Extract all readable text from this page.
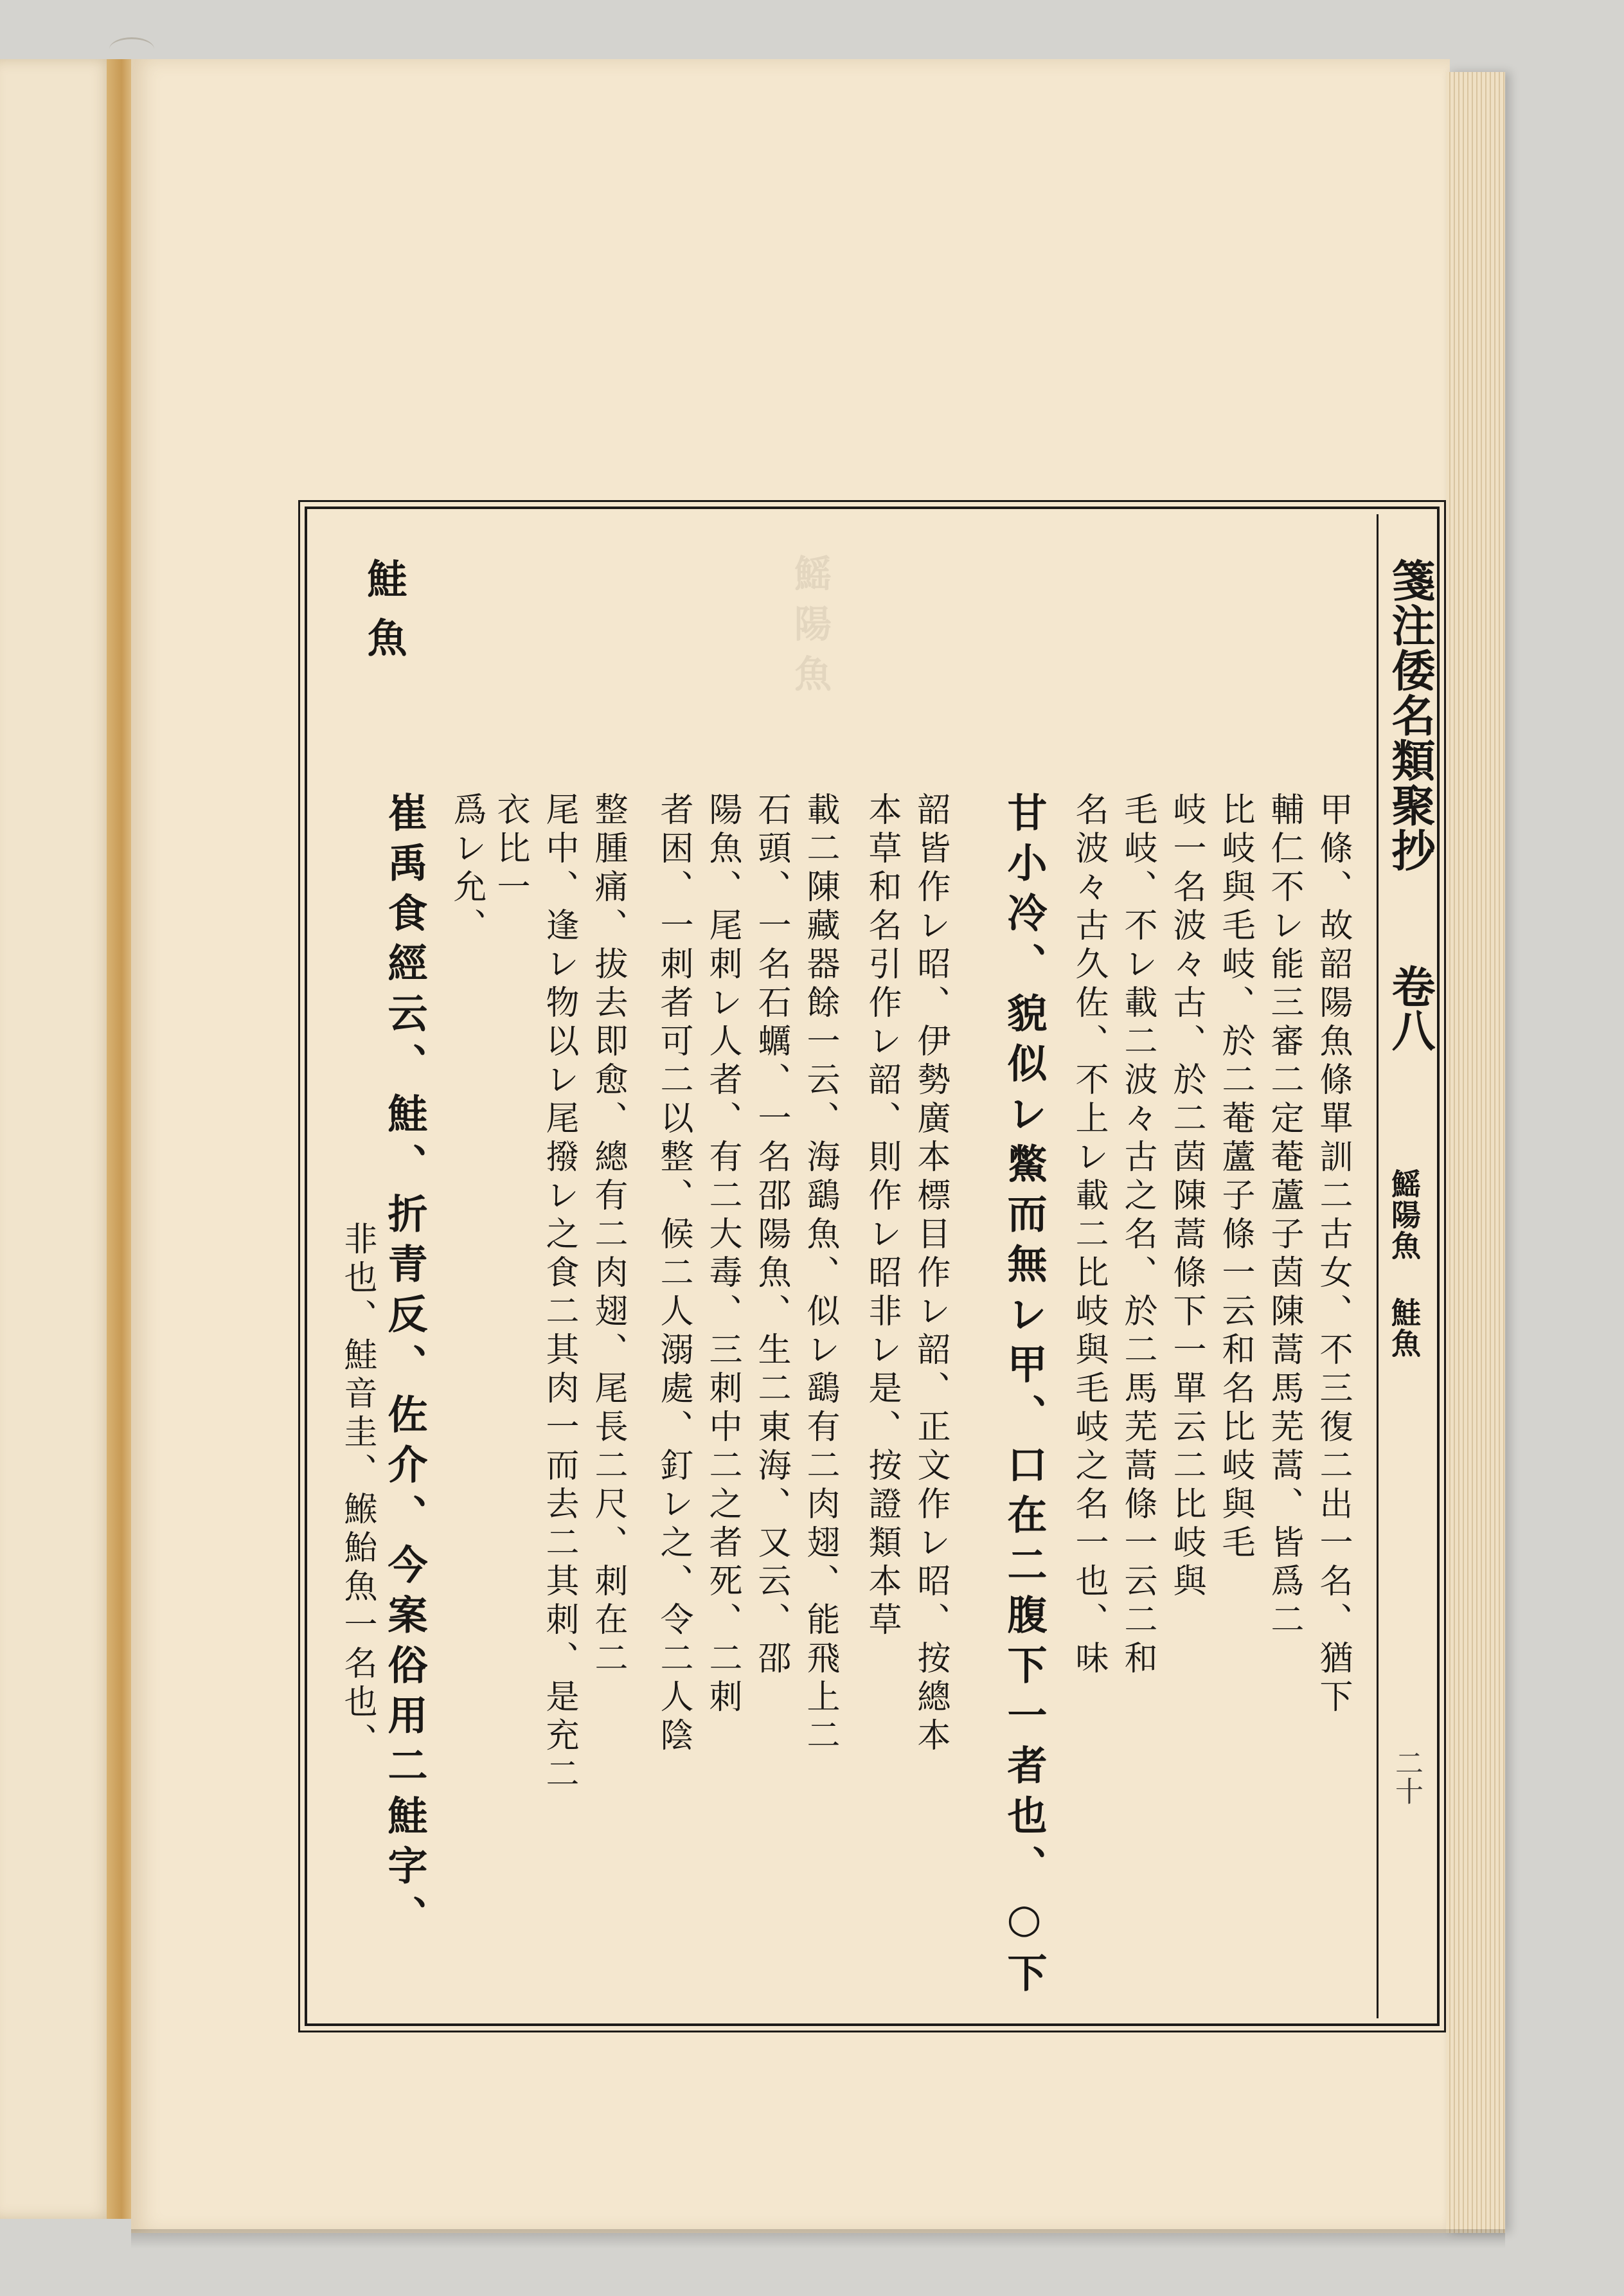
鰩陽魚	箋注倭名類聚抄
卷八
鰩陽魚 鮭魚
二十
甲條、故韶陽魚條單訓二古女、不三復二出一名、猶下
輔仁不レ能三審二定菴蘆子茵陳蒿馬芜蒿、皆爲二
比岐與毛岐、於二菴蘆子條一云和名比岐與毛
岐一名波々古、於二茵陳蒿條下一單云二比岐與
毛岐、不レ載二波々古之名、於二馬芜蒿條一云二和
名波々古久佐、不上レ載二比岐與毛岐之名一也、味
甘小冷、貌似レ鱉而無レ甲、口在二腹下一者也、○下
韶皆作レ昭、伊勢廣本標目作レ韶、正文作レ昭、按總本
本草和名引作レ韶、則作レ昭非レ是、按證類本草
載二陳藏器餘一云、海鷂魚、似レ鷂有二肉翅、能飛上二
石頭、一名石蠣、一名邵陽魚、生二東海、又云、邵
陽魚、尾刺レ人者、有二大毒、三刺中二之者死、二刺
者困、一刺者可二以整、候二人溺處、釘レ之、令二人陰
整腫痛、拔去即愈、總有二肉翅、尾長二尺、刺在二
尾中、逢レ物以レ尾撥レ之食二其肉一而去二其刺、是充二
衣比一
爲レ允、
崔禹食經云、鮭、折青反、佐介、今案俗用二鮭字、
非也、鮭音圭、鯸鮐魚一名也、
鮭魚
